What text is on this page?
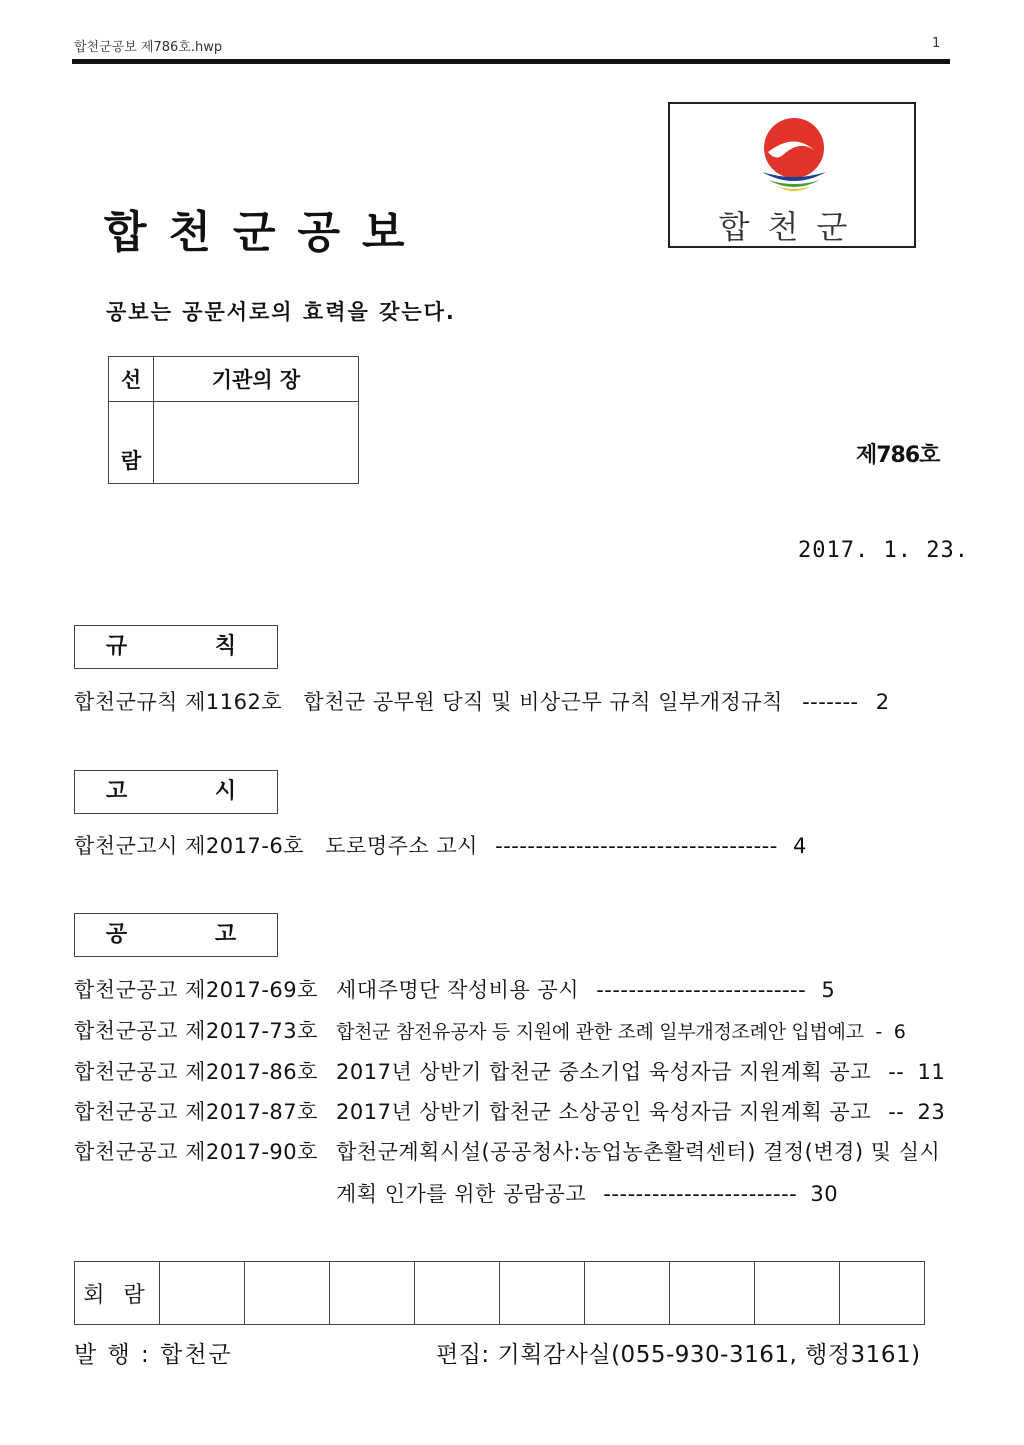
합천군공보 제786호.hwp	1
합천군공보
공보는 공문서로의 효력을 갖는다.
합천군
선	기관의 장
람		제786호
2017. 1. 23.
규 칙
합천군규칙 제1162호 합천군 공무원 당직 및 비상근무 규칙 일부개정규칙 ------- 2
고 시
합천군고시 제2017-6호 도로명주소 고시 ----------------------------------- 4
공 고
합천군공고 제2017-69호 세대주명단 작성비용 공시 -------------------------- 5
합천군공고 제2017-73호 합천군 참전유공자 등 지원에 관한 조례 일부개정조례안 입법예고 - 6
합천군공고 제2017-86호 2017년 상반기 합천군 중소기업 육성자금 지원계획 공고 -- 11
합천군공고 제2017-87호 2017년 상반기 합천군 소상공인 육성자금 지원계획 공고 -- 23
합천군공고 제2017-90호 합천군계획시설(공공청사:농업농촌활력센터) 결정(변경) 및 실시
계획 인가를 위한 공람공고 ------------------------ 30
회 람									
발 행 : 합천군	편집: 기획감사실(055-930-3161, 행정3161)
